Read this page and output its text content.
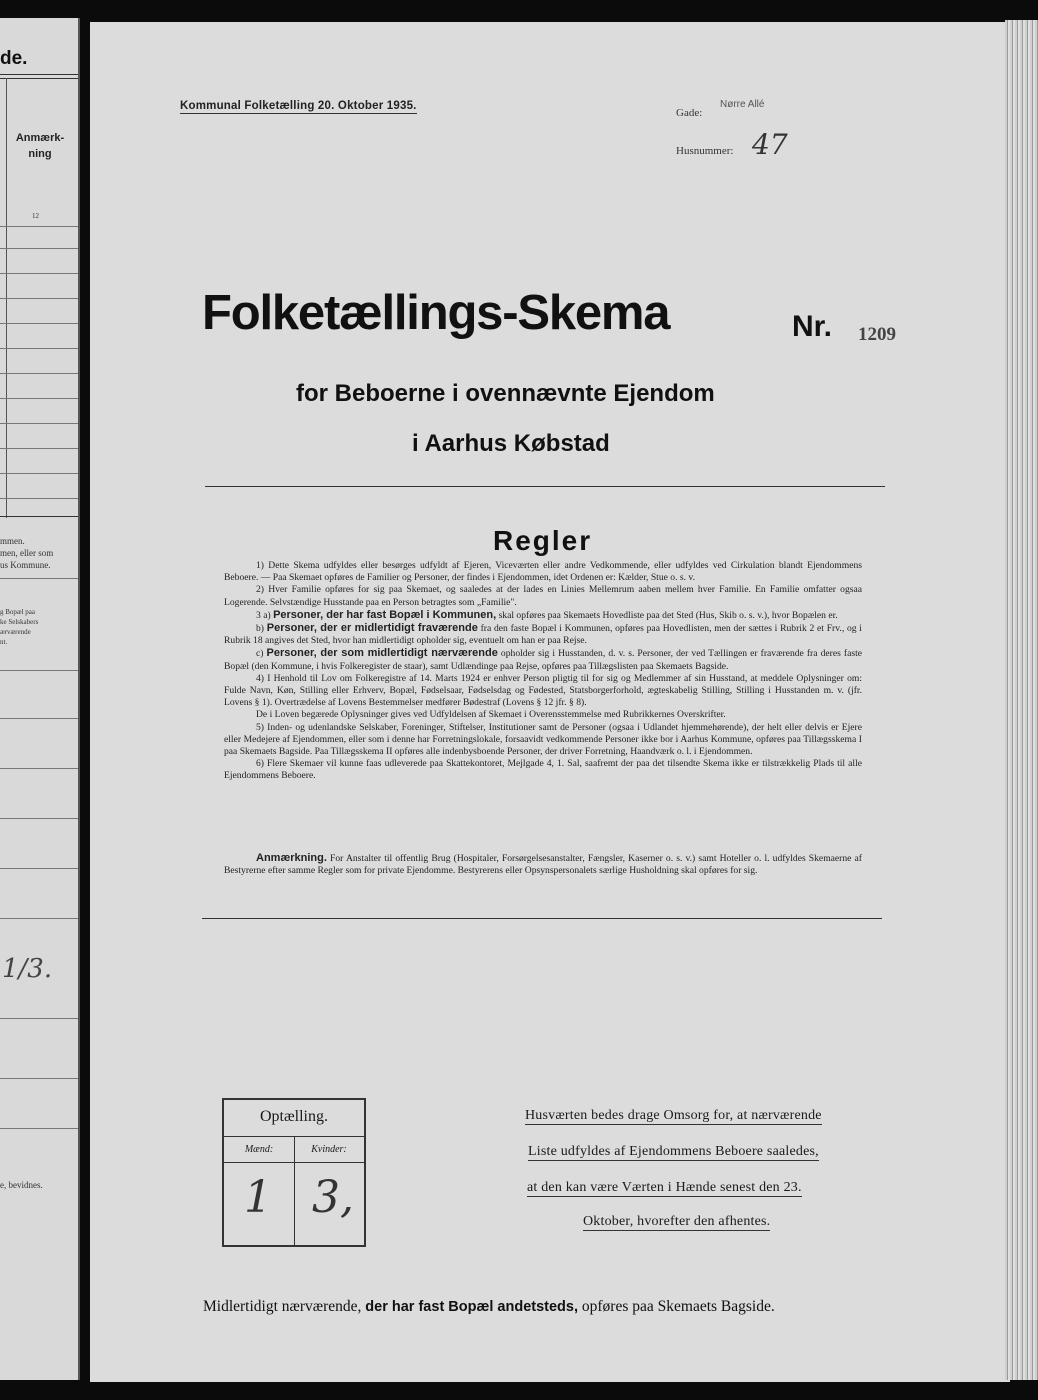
de.
Anmærk-ning
12
mmen.
men, eller som
us Kommune.
g Bopæl paa
ke Selskabers
ærværende
nt.
1/3.
e, bevidnes.
Kommunal Folketælling 20. Oktober 1935.
Gade:
Nørre Allé
Husnummer: 47
Folketællings-Skema	Nr. 1209
for Beboerne i ovennævnte Ejendom
i Aarhus Købstad
Regler

1) Dette Skema udfyldes eller besørges udfyldt af Ejeren, Viceværten eller andre Vedkommende, eller udfyldes ved Cirkulation blandt Ejendommens Beboere. — Paa Skemaet opføres de Familier og Personer, der findes i Ejendommen, idet Ordenen er: Kælder, Stue o. s. v.

2) Hver Familie opføres for sig paa Skemaet, og saaledes at der lades en Linies Mellemrum aaben mellem hver Familie. En Familie omfatter ogsaa Logerende. Selvstændige Husstande paa en Person betragtes som „Familie".

3 a) Personer, der har fast Bopæl i Kommunen, skal opføres paa Skemaets Hovedliste paa det Sted (Hus, Skib o. s. v.), hvor Bopælen er.

b) Personer, der er midlertidigt fraværende fra den faste Bopæl i Kommunen, opføres paa Hovedlisten, men der sættes i Rubrik 2 et Frv., og i Rubrik 18 angives det Sted, hvor han midlertidigt opholder sig, eventuelt om han er paa Rejse.

c) Personer, der som midlertidigt nærværende opholder sig i Husstanden, d. v. s. Personer, der ved Tællingen er fraværende fra deres faste Bopæl (den Kommune, i hvis Folkeregister de staar), samt Udlændinge paa Rejse, opføres paa Tillægslisten paa Skemaets Bagside.

4) I Henhold til Lov om Folkeregistre af 14. Marts 1924 er enhver Person pligtig til for sig og Medlemmer af sin Husstand, at meddele Oplysninger om: Fulde Navn, Køn, Stilling eller Erhverv, Bopæl, Fødselsaar, Fødselsdag og Fødested, Statsborgerforhold, ægteskabelig Stilling, Stilling i Husstanden m. v. (jfr. Lovens § 1). Overtrædelse af Lovens Bestemmelser medfører Bødestraf (Lovens § 12 jfr. § 8).

De i Loven begærede Oplysninger gives ved Udfyldelsen af Skemaet i Overensstemmelse med Rubrikkernes Overskrifter.

5) Inden- og udenlandske Selskaber, Foreninger, Stiftelser, Institutioner samt de Personer (ogsaa i Udlandet hjemmehørende), der helt eller delvis er Ejere eller Medejere af Ejendommen, eller som i denne har Forretningslokale, forsaavidt vedkommende Personer ikke bor i Aarhus Kommune, opføres paa Tillægsskema I paa Skemaets Bagside. Paa Tillægsskema II opføres alle indenbysboende Personer, der driver Forretning, Haandværk o. l. i Ejendommen.

6) Flere Skemaer vil kunne faas udleverede paa Skattekontoret, Mejlgade 4, 1. Sal, saafremt der paa det tilsendte Skema ikke er tilstrækkelig Plads til alle Ejendommens Beboere.

Anmærkning. For Anstalter til offentlig Brug (Hospitaler, Forsørgelsesanstalter, Fængsler, Kaserner o. s. v.) samt Hoteller o. l. udfyldes Skemaerne af Bestyrerne efter samme Regler som for private Ejendomme. Bestyrerens eller Opsynspersonalets særlige Husholdning skal opføres for sig.
Optælling.
Mænd:	Kvinder:
1 3,
Husværten bedes drage Omsorg for, at nærværende
Liste udfyldes af Ejendommens Beboere saaledes,
at den kan være Værten i Hænde senest den 23.
Oktober, hvorefter den afhentes.
Midlertidigt nærværende, der har fast Bopæl andetsteds, opføres paa Skemaets Bagside.
